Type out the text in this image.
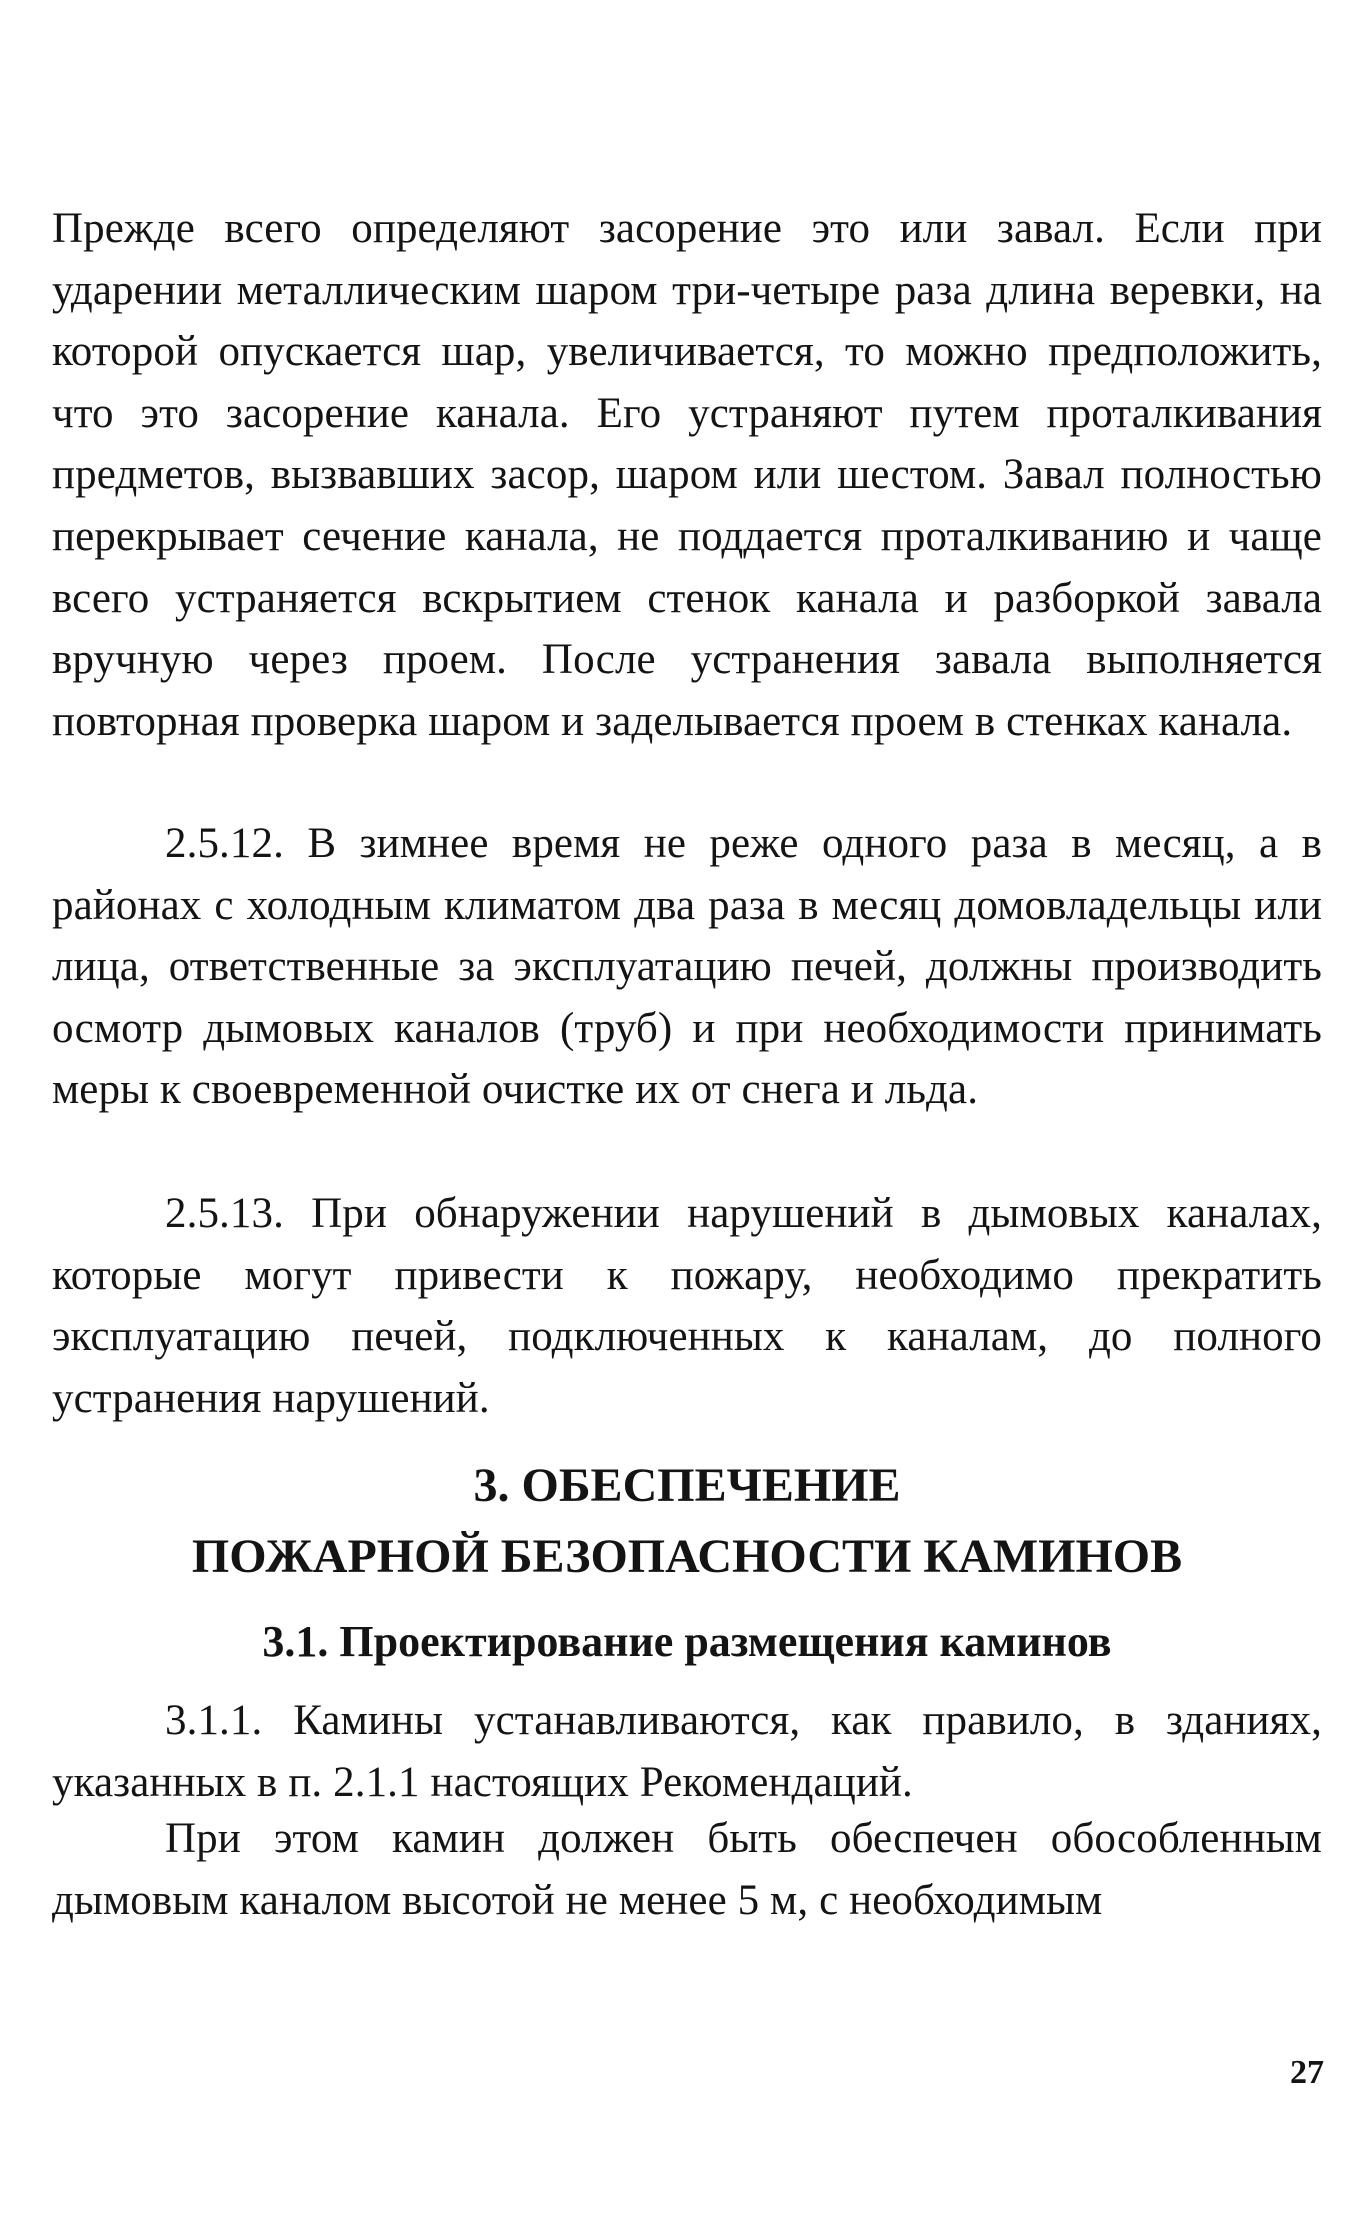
Прежде всего определяют засорение это или завал. Если при ударении металлическим шаром три-четыре раза длина веревки, на которой опускается шар, увеличивается, то можно предположить, что это засорение канала. Его устраняют путем проталкивания предметов, вызвавших засор, шаром или шестом. Завал полностью перекрывает сечение канала, не поддается проталкиванию и чаще всего устраняется вскрытием стенок канала и разборкой завала вручную через проем. После устранения завала выполняется повторная проверка шаром и заделывается проем в стенках канала.

2.5.12. В зимнее время не реже одного раза в месяц, а в районах с холодным климатом два раза в месяц домовладельцы или лица, ответственные за эксплуатацию печей, должны производить осмотр дымовых каналов (труб) и при необходимости принимать меры к своевременной очистке их от снега и льда.

2.5.13. При обнаружении нарушений в дымовых каналах, которые могут привести к пожару, необходимо прекратить эксплуатацию печей, подключенных к каналам, до полного устранения нарушений.

3. ОБЕСПЕЧЕНИЕ
ПОЖАРНОЙ БЕЗОПАСНОСТИ КАМИНОВ
3.1. Проектирование размещения каминов

3.1.1. Камины устанавливаются, как правило, в зданиях, указанных в п. 2.1.1 настоящих Рекомендаций.

При этом камин должен быть обеспечен обособленным дымовым каналом высотой не менее 5 м, с необходимым

27
